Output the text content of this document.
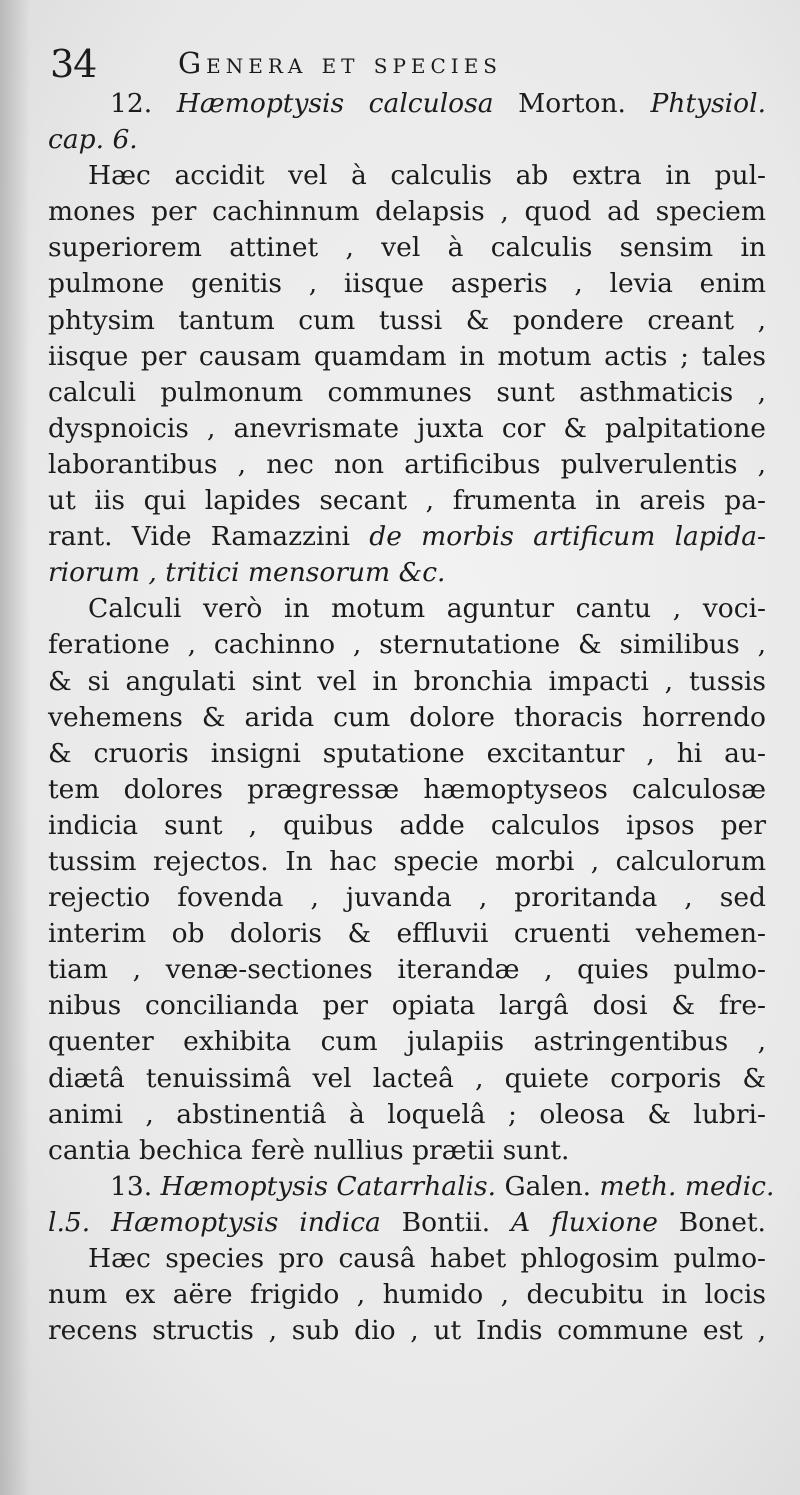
34	Genera et species
12. Hæmoptysis calculosa Morton. Phtysiol.
cap. 6.
Hæc accidit vel à calculis ab extra in pul-
mones per cachinnum delapsis , quod ad speciem
superiorem attinet , vel à calculis sensim in
pulmone genitis , iisque asperis , levia enim
phtysim tantum cum tussi & pondere creant ,
iisque per causam quamdam in motum actis ; tales
calculi pulmonum communes sunt asthmaticis ,
dyspnoicis , anevrismate juxta cor & palpitatione
laborantibus , nec non artificibus pulverulentis ,
ut iis qui lapides secant , frumenta in areis pa-
rant. Vide Ramazzini de morbis artificum lapida-
riorum , tritici mensorum &c.
Calculi verò in motum aguntur cantu , voci-
feratione , cachinno , sternutatione & similibus ,
& si angulati sint vel in bronchia impacti , tussis
vehemens & arida cum dolore thoracis horrendo
& cruoris insigni sputatione excitantur , hi au-
tem dolores prægressæ hæmoptyseos calculosæ
indicia sunt , quibus adde calculos ipsos per
tussim rejectos. In hac specie morbi , calculorum
rejectio fovenda , juvanda , proritanda , sed
interim ob doloris & effluvii cruenti vehemen-
tiam , venæ-sectiones iterandæ , quies pulmo-
nibus concilianda per opiata largâ dosi & fre-
quenter exhibita cum julapiis astringentibus ,
diætâ tenuissimâ vel lacteâ , quiete corporis &
animi , abstinentiâ à loquelâ ; oleosa & lubri-
cantia bechica ferè nullius prætii sunt.
13. Hæmoptysis Catarrhalis. Galen. meth. medic.
l.5. Hæmoptysis indica Bontii. A fluxione Bonet.
Hæc species pro causâ habet phlogosim pulmo-
num ex aëre frigido , humido , decubitu in locis
recens structis , sub dio , ut Indis commune est ,
